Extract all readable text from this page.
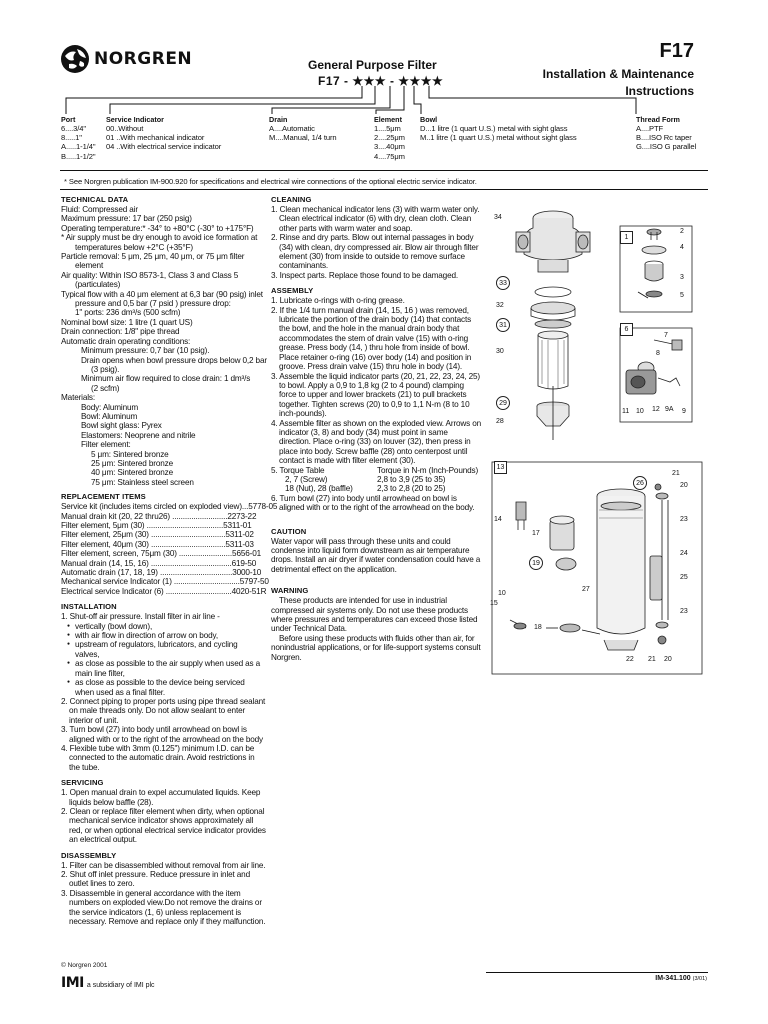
NORGREN	General Purpose Filter
F17 - ★★★ - ★★★★
F17
Installation & Maintenance
Instructions
Port
6....3/4"
8.....1"
A.....1-1/4"
B.....1-1/2"
Service Indicator
00..Without
01 ..With mechanical indicator
04 ..With electrical service indicator
Drain
A....Automatic
M....Manual, 1/4 turn
Element
1....5μm
2....25μm
3....40μm
4....75μm
Bowl
D...1 litre (1 quart U.S.) metal with sight glass
M..1 litre (1 quart U.S.) metal without sight glass
Thread Form
A....PTF
B....ISO Rc taper
G....ISO G parallel
* See Norgren publication IM-900.920 for specifications and electrical wire connections of the optional electric service indicator.
TECHNICAL DATA
Fluid: Compressed air
Maximum pressure: 17 bar (250 psig)
Operating temperature:* -34° to +80°C (-30° to +175°F)
* Air supply must be dry enough to avoid ice formation at
temperatures below +2°C (+35°F)
Particle removal: 5 μm, 25 μm, 40 μm, or 75 μm filter
element
Air quality: Within ISO 8573-1, Class 3 and Class 5
(particulates)
Typical flow with a 40 μm element at 6,3 bar (90 psig) inlet
pressure and 0,5 bar (7 psid ) pressure drop:
1" ports: 236 dm³/s (500 scfm)
Nominal bowl size: 1 litre (1 quart US)
Drain connection: 1/8" pipe thread
Automatic drain operating conditions:
Minimum pressure: 0,7 bar (10 psig).
Drain opens when bowl pressure drops below 0,2 bar
(3 psig).
Minimum air flow required to close drain: 1 dm³/s
(2 scfm)
Materials:
Body: Aluminum
Bowl: Aluminum
Bowl sight glass: Pyrex
Elastomers: Neoprene and nitrile
Filter element:
5 μm: Sintered bronze
25 μm: Sintered bronze
40 μm: Sintered bronze
75 μm: Stainless steel screen
REPLACEMENT ITEMS
Service kit (includes items circled on exploded view)...5778-05
Manual drain kit (20, 22 thru26) ..........................2273-22
Filter element, 5μm (30) ....................................5311-01
Filter element, 25μm (30) ...................................5311-02
Filter element, 40μm (30) ...................................5311-03
Filter element, screen, 75μm (30) .........................5656-01
Manual drain (14, 15, 16) ......................................619-50
Automatic drain (17, 18, 19) ..................................3000-10
Mechanical service Indicator (1) ...............................5797-50
Electrical service Indicator (6) ...............................4020-51R
INSTALLATION
1. Shut-off air pressure. Install filter in air line -
● vertically (bowl down),
● with air flow in direction of arrow on body,
● upstream of regulators, lubricators, and cycling
valves,
● as close as possible to the air supply when used as a
main line filter,
● as close as possible to the device being serviced
when used as a final filter.
2. Connect piping to proper ports using pipe thread sealant
on male threads only. Do not allow sealant to enter
interior of unit.
3. Turn bowl (27) into body until arrowhead on bowl is
aligned with or to the right of the arrowhead on the body
4. Flexible tube with 3mm (0.125") minimum I.D. can be
connected to the automatic drain. Avoid restrictions in
the tube.
SERVICING
1. Open manual drain to expel accumulated liquids. Keep
liquids below baffle (28).
2. Clean or replace filter element when dirty, when optional
mechanical service indicator shows approximately all
red, or when optional electrical service indicator provides
an electrical output.
DISASSEMBLY
1. Filter can be disassembled without removal from air line.
2. Shut off inlet pressure. Reduce pressure in inlet and
outlet lines to zero.
3. Disassemble in general accordance with the item
numbers on exploded view.Do not remove the drains or
the service indicators (1, 6) unless replacement is
necessary. Remove and replace only if they malfunction.
CLEANING
1. Clean mechanical indicator lens (3) with warm water only.
Clean electrical indicator (6) with dry, clean cloth. Clean
other parts with warm water and soap.
2. Rinse and dry parts. Blow out internal passages in body
(34) with clean, dry compressed air. Blow air through filter
element (30) from inside to outside to remove surface
contaminants.
3. Inspect parts. Replace those found to be damaged.
ASSEMBLY
1. Lubricate o-rings with o-ring grease.
2. If the 1/4 turn manual drain (14, 15, 16 ) was removed,
lubricate the portion of the drain body (14) that contacts
the bowl, and the hole in the manual drain body that
accommodates the stem of drain valve (15) with o-ring
grease. Press body (14, ) thru hole from inside of bowl.
Place retainer o-ring (16) over body (14) and position in
groove. Press drain valve (15) thru hole in body (14).
3. Assemble the liquid indicator parts (20, 21, 22, 23, 24, 25)
to bowl. Apply a 0,9 to 1,8 kg (2 to 4 pound) clamping
force to upper and lower brackets (21) to pull brackets
together. Tighten screws (20) to 0,9 to 1,1 N-m (8 to 10
inch-pounds).
4. Assemble filter as shown on the exploded view. Arrows on
indicator (3, 8) and body (34) must point in same
direction. Place o-ring (33) on louver (32), then press in
place into body. Screw baffle (28) onto centerpost until
contact is made with filter element (30).
5. Torque Table	Torque in N-m (Inch-Pounds)
2, 7 (Screw)	2,8 to 3,9 (25 to 35)
18 (Nut), 28 (baffle)	2,3 to 2,8 (20 to 25)
6. Turn bowl (27) into body until arrowhead on bowl is
aligned with or to the right of the arrowhead on the body.
CAUTION
Water vapor will pass through these units and could
condense into liquid form downstream as air temperature
drops. Install an air dryer if water condensation could have a
detrimental effect on the application.
WARNING
These products are intended for use in industrial
compressed air systems only. Do not use these products
where pressures and temperatures can exceed those listed
under Technical Data.
Before using these products with fluids other than air, for
nonindustrial applications, or for life-support systems consult
Norgren.
34
1
2
4
3
5
6
7
8
11 10 12 9A 9
33
32
31
30
29
28
13
21
20
26
23
24
25
14
17
19
27
10
15
18
23
22 21 20
© Norgren 2001
IMI a subsidiary of IMI plc
IM-341.100 (3/01)
